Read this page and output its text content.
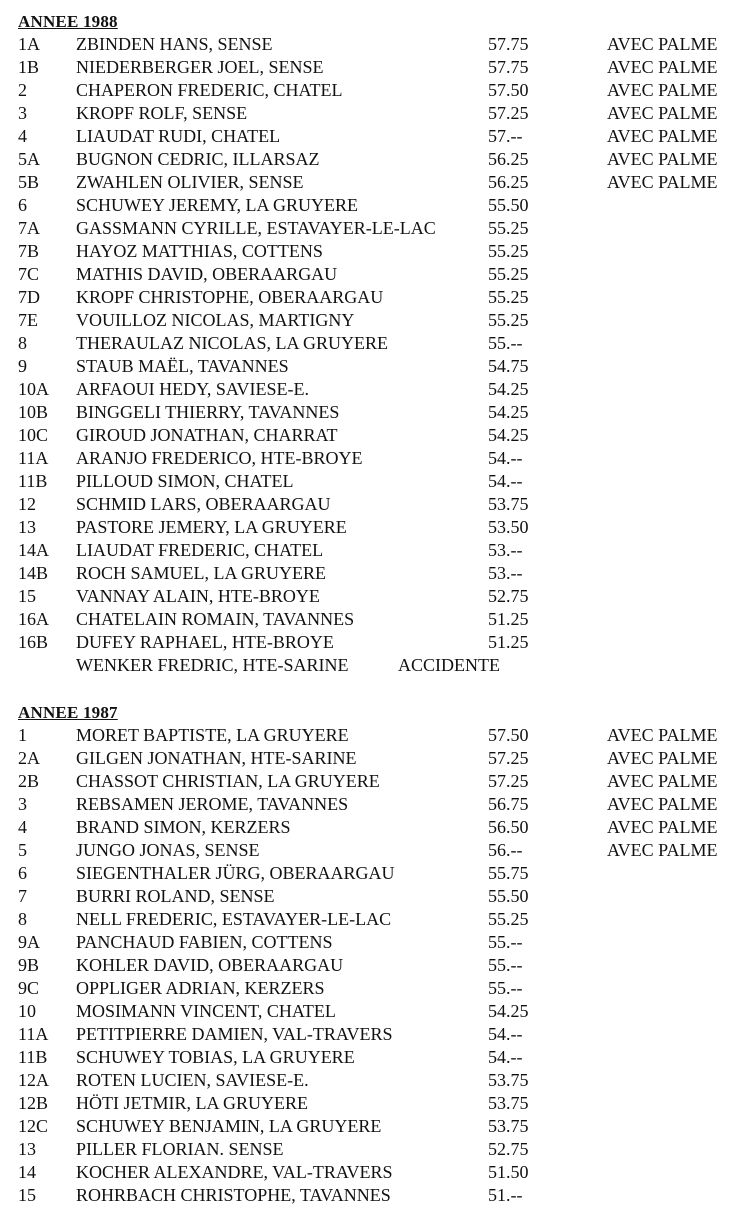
ANNEE 1988
1A	ZBINDEN HANS, SENSE	57.75	AVEC PALME
1B	NIEDERBERGER JOEL, SENSE	57.75	AVEC PALME
2	CHAPERON FREDERIC, CHATEL	57.50	AVEC PALME
3	KROPF ROLF, SENSE	57.25	AVEC PALME
4	LIAUDAT RUDI, CHATEL	57.--	AVEC PALME
5A	BUGNON CEDRIC, ILLARSAZ	56.25	AVEC PALME
5B	ZWAHLEN OLIVIER, SENSE	56.25	AVEC PALME
6	SCHUWEY JEREMY, LA GRUYERE	55.50
7A	GASSMANN CYRILLE, ESTAVAYER-LE-LAC	55.25
7B	HAYOZ MATTHIAS, COTTENS	55.25
7C	MATHIS DAVID, OBERAARGAU	55.25
7D	KROPF CHRISTOPHE, OBERAARGAU	55.25
7E	VOUILLOZ NICOLAS, MARTIGNY	55.25
8	THERAULAZ NICOLAS, LA GRUYERE	55.--
9	STAUB MAËL, TAVANNES	54.75
10A	ARFAOUI HEDY, SAVIESE-E.	54.25
10B	BINGGELI THIERRY, TAVANNES	54.25
10C	GIROUD JONATHAN, CHARRAT	54.25
11A	ARANJO FREDERICO, HTE-BROYE	54.--
11B	PILLOUD SIMON, CHATEL	54.--
12	SCHMID LARS, OBERAARGAU	53.75
13	PASTORE JEMERY, LA GRUYERE	53.50
14A	LIAUDAT FREDERIC, CHATEL	53.--
14B	ROCH SAMUEL, LA GRUYERE	53.--
15	VANNAY ALAIN, HTE-BROYE	52.75
16A	CHATELAIN ROMAIN, TAVANNES	51.25
16B	DUFEY RAPHAEL, HTE-BROYE	51.25
WENKER FREDRIC, HTE-SARINE	ACCIDENTE
ANNEE 1987
1	MORET BAPTISTE, LA GRUYERE	57.50	AVEC PALME
2A	GILGEN JONATHAN, HTE-SARINE	57.25	AVEC PALME
2B	CHASSOT CHRISTIAN, LA GRUYERE	57.25	AVEC PALME
3	REBSAMEN JEROME, TAVANNES	56.75	AVEC PALME
4	BRAND SIMON, KERZERS	56.50	AVEC PALME
5	JUNGO JONAS, SENSE	56.--	AVEC PALME
6	SIEGENTHALER JÜRG, OBERAARGAU	55.75
7	BURRI ROLAND, SENSE	55.50
8	NELL FREDERIC, ESTAVAYER-LE-LAC	55.25
9A	PANCHAUD FABIEN, COTTENS	55.--
9B	KOHLER DAVID, OBERAARGAU	55.--
9C	OPPLIGER ADRIAN, KERZERS	55.--
10	MOSIMANN VINCENT, CHATEL	54.25
11A	PETITPIERRE DAMIEN, VAL-TRAVERS	54.--
11B	SCHUWEY TOBIAS, LA GRUYERE	54.--
12A	ROTEN LUCIEN, SAVIESE-E.	53.75
12B	HÖTI JETMIR, LA GRUYERE	53.75
12C	SCHUWEY BENJAMIN, LA GRUYERE	53.75
13	PILLER FLORIAN. SENSE	52.75
14	KOCHER ALEXANDRE, VAL-TRAVERS	51.50
15	ROHRBACH CHRISTOPHE, TAVANNES	51.--
